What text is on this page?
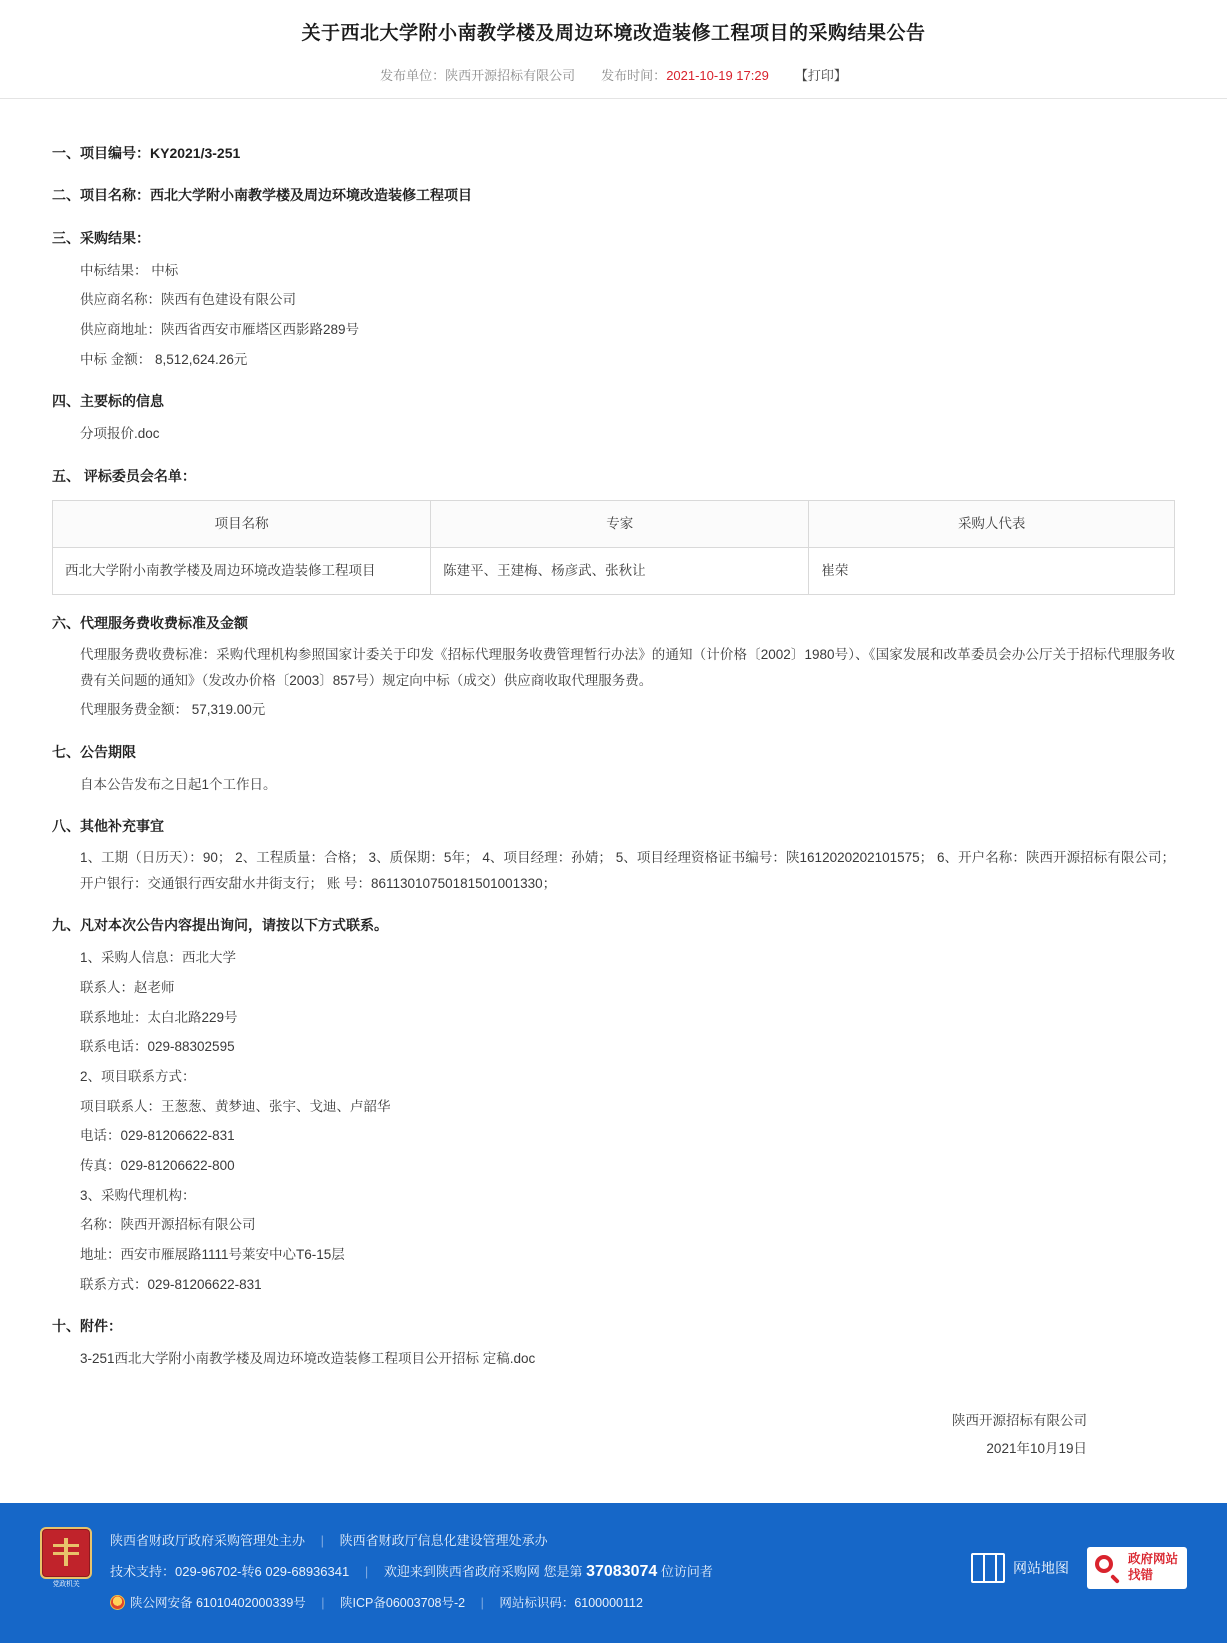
关于西北大学附小南教学楼及周边环境改造装修工程项目的采购结果公告
发布单位：陕西开源招标有限公司 发布时间：2021-10-19 17:29 【打印】
一、项目编号：KY2021/3-251
二、项目名称：西北大学附小南教学楼及周边环境改造装修工程项目
三、采购结果：
中标结果： 中标
供应商名称：陕西有色建设有限公司
供应商地址：陕西省西安市雁塔区西影路289号
中标 金额： 8,512,624.26元
四、主要标的信息
分项报价.doc
五、 评标委员会名单：
项目名称	专家	采购人代表
西北大学附小南教学楼及周边环境改造装修工程项目	陈建平、王建梅、杨彦武、张秋让	崔荣
六、代理服务费收费标准及金额
代理服务费收费标准：采购代理机构参照国家计委关于印发《招标代理服务收费管理暂行办法》的通知（计价格〔2002〕1980号）、《国家发展和改革委员会办公厅关于招标代理服务收费有关问题的通知》（发改办价格〔2003〕857号）规定向中标（成交）供应商收取代理服务费。
代理服务费金额： 57,319.00元
七、公告期限
自本公告发布之日起1个工作日。
八、其他补充事宜
1、工期（日历天）：90； 2、工程质量：合格； 3、质保期：5年； 4、项目经理：孙婧； 5、项目经理资格证书编号：陕1612020202101575； 6、开户名称：陕西开源招标有限公司； 开户银行：交通银行西安甜水井街支行； 账 号：86113010750181501001330；
九、凡对本次公告内容提出询问，请按以下方式联系。
1、采购人信息：西北大学
联系人：赵老师
联系地址：太白北路229号
联系电话：029-88302595
2、项目联系方式：
项目联系人：王葱葱、黄梦迪、张宇、戈迪、卢韶华
电话：029-81206622-831
传真：029-81206622-800
3、采购代理机构：
名称：陕西开源招标有限公司
地址：西安市雁展路1111号莱安中心T6-15层
联系方式：029-81206622-831
十、附件：
3-251西北大学附小南教学楼及周边环境改造装修工程项目公开招标 定稿.doc
陕西开源招标有限公司
2021年10月19日
党政机关
陕西省财政厅政府采购管理处主办 | 陕西省财政厅信息化建设管理处承办
技术支持：029-96702-转6 029-68936341 | 欢迎来到陕西省政府采购网 您是第 37083074 位访问者
陕公网安备 61010402000339号 | 陕ICP备06003708号-2 | 网站标识码：6100000112
网站地图
政府网站
找错
